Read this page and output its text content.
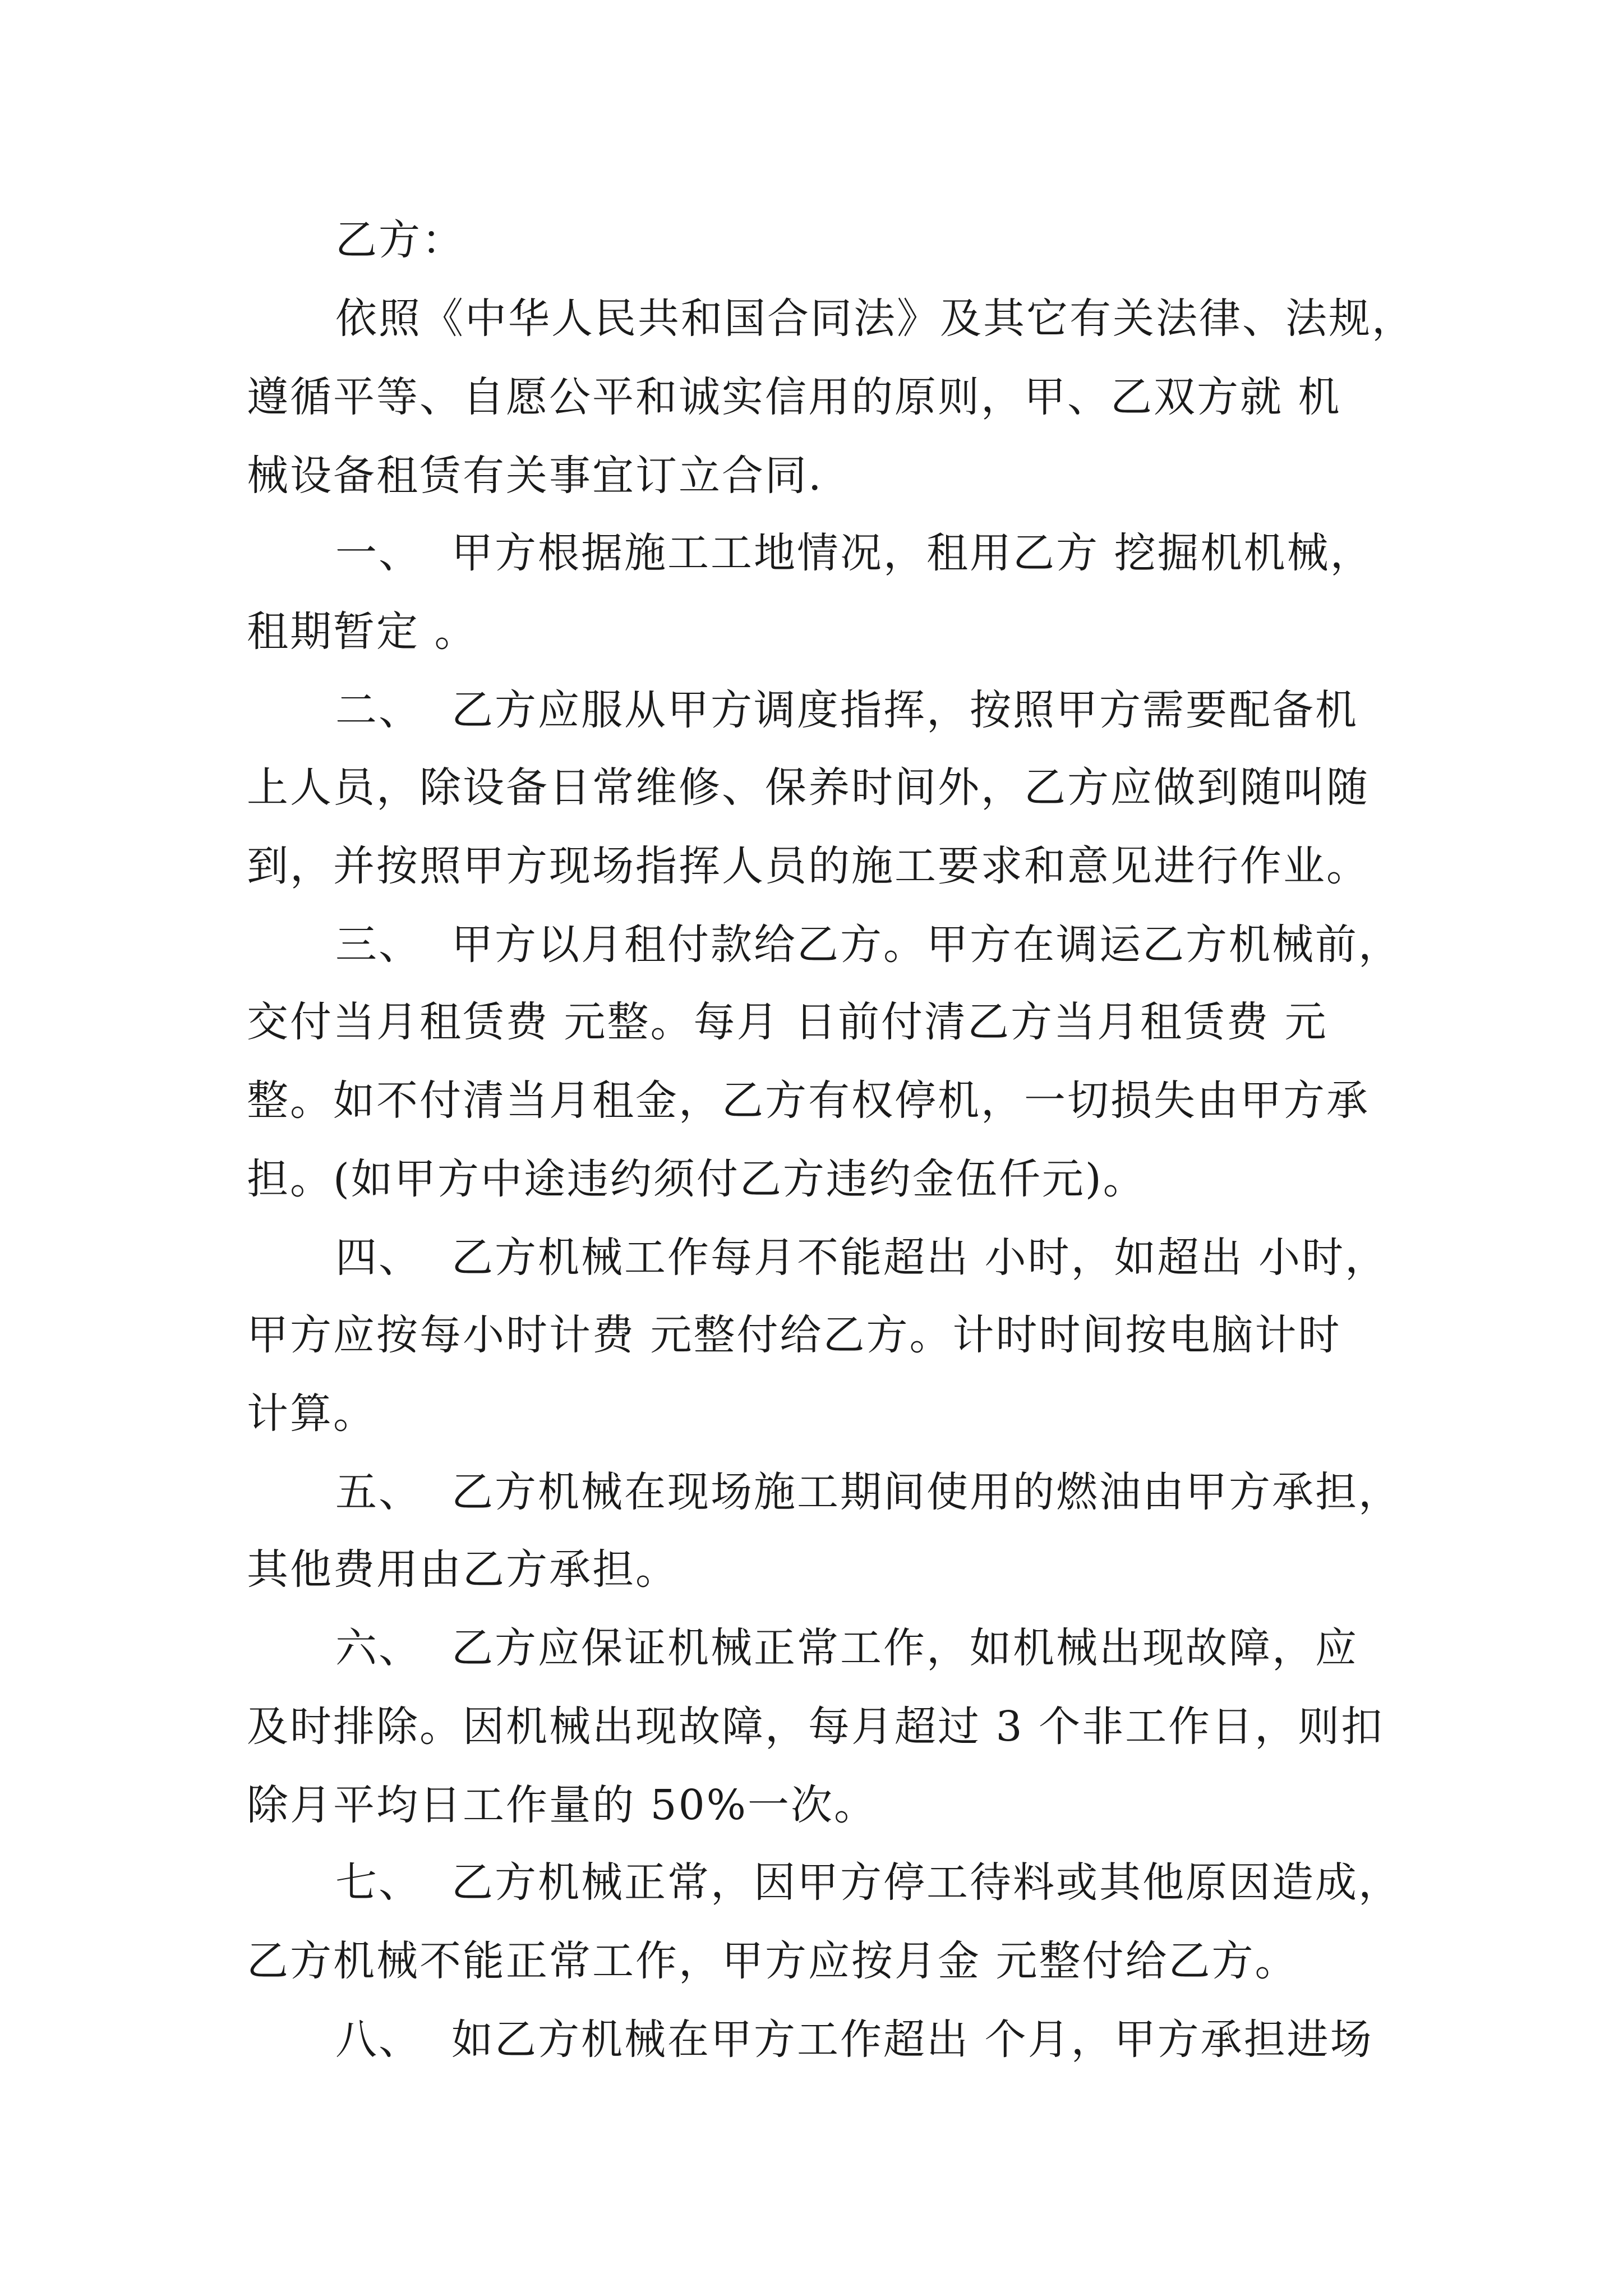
乙方：
依照《中华人民共和国合同法》及其它有关法律、法规，
遵循平等、自愿公平和诚实信用的原则，甲、乙双方就 机
械设备租赁有关事宜订立合同.
一、  甲方根据施工工地情况，租用乙方 挖掘机机械，
租期暂定 。
二、  乙方应服从甲方调度指挥，按照甲方需要配备机
上人员，除设备日常维修、保养时间外，乙方应做到随叫随
到，并按照甲方现场指挥人员的施工要求和意见进行作业。
三、  甲方以月租付款给乙方。甲方在调运乙方机械前，
交付当月租赁费 元整。每月 日前付清乙方当月租赁费 元
整。如不付清当月租金，乙方有权停机，一切损失由甲方承
担。(如甲方中途违约须付乙方违约金伍仟元)。
四、  乙方机械工作每月不能超出 小时，如超出 小时，
甲方应按每小时计费 元整付给乙方。计时时间按电脑计时
计算。
五、  乙方机械在现场施工期间使用的燃油由甲方承担，
其他费用由乙方承担。
六、  乙方应保证机械正常工作，如机械出现故障，应
及时排除。因机械出现故障，每月超过 3 个非工作日，则扣
除月平均日工作量的 50%一次。
七、  乙方机械正常，因甲方停工待料或其他原因造成，
乙方机械不能正常工作，甲方应按月金 元整付给乙方。
八、  如乙方机械在甲方工作超出 个月，甲方承担进场
